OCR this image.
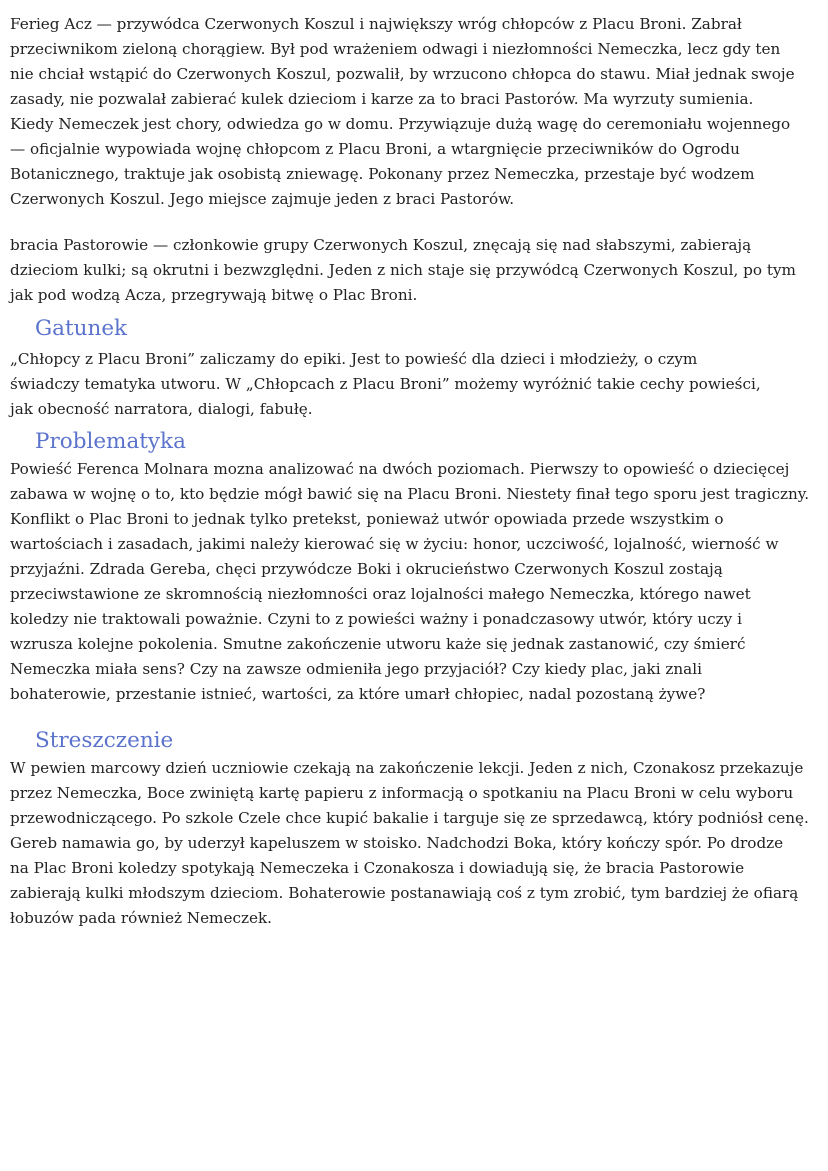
Ferieg Acz — przywódca Czerwonych Koszul i największy wróg chłopców z Placu Broni. Zabrał
przeciwnikom zieloną chorągiew. Był pod wrażeniem odwagi i niezłomności Nemeczka, lecz gdy ten
nie chciał wstąpić do Czerwonych Koszul, pozwalił, by wrzucono chłopca do stawu. Miał jednak swoje
zasady, nie pozwalał zabierać kulek dzieciom i karze za to braci Pastorów. Ma wyrzuty sumienia.
Kiedy Nemeczek jest chory, odwiedza go w domu. Przywiązuje dużą wagę do ceremoniału wojennego
— oficjalnie wypowiada wojnę chłopcom z Placu Broni, a wtargnięcie przeciwników do Ogrodu
Botanicznego, traktuje jak osobistą zniewagę. Pokonany przez Nemeczka, przestaje być wodzem
Czerwonych Koszul. Jego miejsce zajmuje jeden z braci Pastorów.

bracia Pastorowie — członkowie grupy Czerwonych Koszul, znęcają się nad słabszymi, zabierają
dzieciom kulki; są okrutni i bezwzględni. Jeden z nich staje się przywódcą Czerwonych Koszul, po tym
jak pod wodzą Acza, przegrywają bitwę o Plac Broni.

Gatunek

„Chłopcy z Placu Broni” zaliczamy do epiki. Jest to powieść dla dzieci i młodzieży, o czym
świadczy tematyka utworu. W „Chłopcach z Placu Broni” możemy wyróżnić takie cechy powieści,
jak obecność narratora, dialogi, fabułę.

Problematyka

Powieść Ferenca Molnara mozna analizować na dwóch poziomach. Pierwszy to opowieść o dziecięcej
zabawa w wojnę o to, kto będzie mógł bawić się na Placu Broni. Niestety finał tego sporu jest tragiczny.
Konflikt o Plac Broni to jednak tylko pretekst, ponieważ utwór opowiada przede wszystkim o
wartościach i zasadach, jakimi należy kierować się w życiu: honor, uczciwość, lojalność, wierność w
przyjaźni. Zdrada Gereba, chęci przywódcze Boki i okrucieństwo Czerwonych Koszul zostają
przeciwstawione ze skromnością niezłomności oraz lojalności małego Nemeczka, którego nawet
koledzy nie traktowali poważnie. Czyni to z powieści ważny i ponadczasowy utwór, który uczy i
wzrusza kolejne pokolenia. Smutne zakończenie utworu każe się jednak zastanowić, czy śmierć
Nemeczka miała sens? Czy na zawsze odmieniła jego przyjaciół? Czy kiedy plac, jaki znali
bohaterowie, przestanie istnieć, wartości, za które umarł chłopiec, nadal pozostaną żywe?

Streszczenie

W pewien marcowy dzień uczniowie czekają na zakończenie lekcji. Jeden z nich, Czonakosz przekazuje
przez Nemeczka, Boce zwiniętą kartę papieru z informacją o spotkaniu na Placu Broni w celu wyboru
przewodniczącego. Po szkole Czele chce kupić bakalie i targuje się ze sprzedawcą, który podniósł cenę.
Gereb namawia go, by uderzył kapeluszem w stoisko. Nadchodzi Boka, który kończy spór. Po drodze
na Plac Broni koledzy spotykają Nemeczeka i Czonakosza i dowiadują się, że bracia Pastorowie
zabierają kulki młodszym dzieciom. Bohaterowie postanawiają coś z tym zrobić, tym bardziej że ofiarą
łobuzów pada również Nemeczek.
